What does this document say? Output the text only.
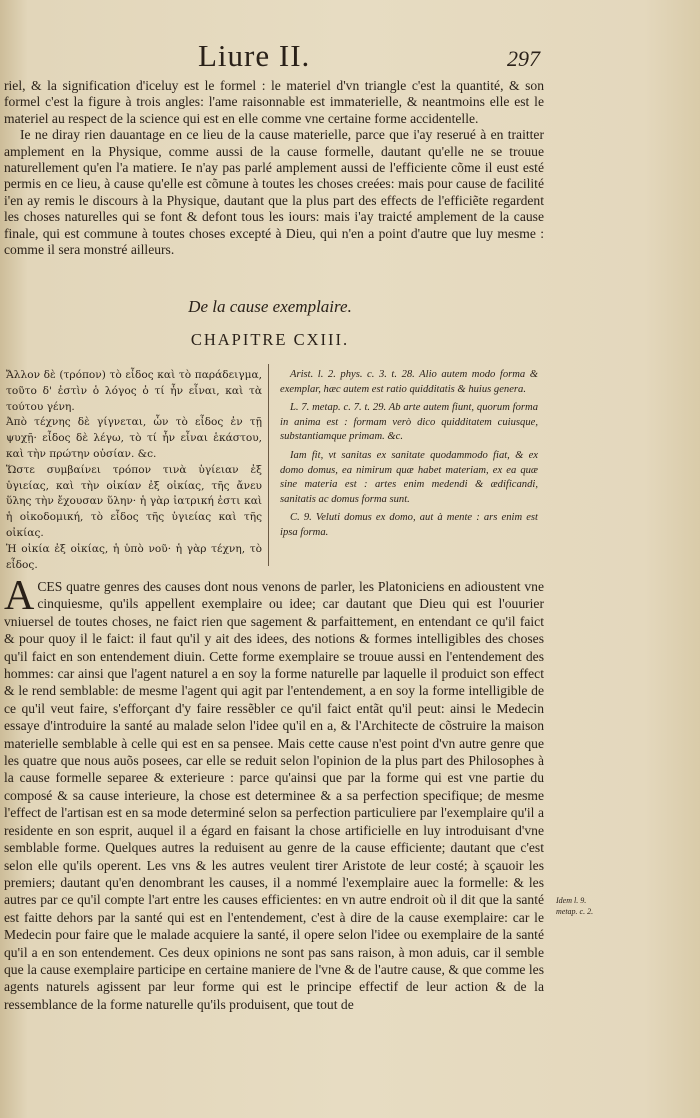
Liure II.	297

riel, & la signification d'iceluy est le formel : le materiel d'vn triangle c'est la quantité, & son formel c'est la figure à trois angles: l'ame raisonnable est immaterielle, & neantmoins elle est le materiel au respect de la science qui est en elle comme vne certaine forme accidentelle.

Ie ne diray rien dauantage en ce lieu de la cause materielle, parce que i'ay reserué à en traitter amplement en la Physique, comme aussi de la cause formelle, dautant qu'elle ne se trouue naturellement qu'en l'a matiere. Ie n'ay pas parlé amplement aussi de l'efficiente cõme il eust esté permis en ce lieu, à cause qu'elle est cõmune à toutes les choses creées: mais pour cause de facilité i'en ay remis le discours à la Physique, dautant que la plus part des effects de l'efficiẽte regardent les choses naturelles qui se font & defont tous les iours: mais i'ay traicté amplement de la cause finale, qui est commune à toutes choses excepté à Dieu, qui n'en a point d'autre que luy mesme : comme il sera monstré ailleurs.

De la cause exemplaire.
CHAPITRE CXIII.

Ἄλλον δὲ (τρόπον) τὸ εἶδος καὶ τὸ παράδειγμα, τοῦτο δ' ἐστὶν ὁ λόγος ὁ τί ἦν εἶναι, καὶ τὰ τούτου γένη.

Ἀπὸ τέχνης δὲ γίγνεται, ὧν τὸ εἶδος ἐν τῇ ψυχῇ· εἶδος δὲ λέγω, τὸ τί ἦν εἶναι ἑκάστου, καὶ τὴν πρώτην οὐσίαν. &c.

Ὥστε συμβαίνει τρόπον τινὰ ὑγίειαν ἐξ ὑγιείας, καὶ τὴν οἰκίαν ἐξ οἰκίας, τῆς ἄνευ ὕλης τὴν ἔχουσαν ὕλην· ἡ γὰρ ἰατρική ἐστι καὶ ἡ οἰκοδομική, τὸ εἶδος τῆς ὑγιείας καὶ τῆς οἰκίας.

Ἡ οἰκία ἐξ οἰκίας, ἡ ὑπὸ νοῦ· ἡ γὰρ τέχνη, τὸ εἶδος.

Arist. l. 2. phys. c. 3. t. 28. Alio autem modo forma & exemplar, hæc autem est ratio quidditatis & huius genera.

L. 7. metap. c. 7. t. 29. Ab arte autem fiunt, quorum forma in anima est : formam verò dico quidditatem cuiusque, substantiamque primam. &c.

Iam fit, vt sanitas ex sanitate quodammodo fiat, & ex domo domus, ea nimirum quæ habet materiam, ex ea quæ sine materia est : artes enim medendi & ædificandi, sanitatis ac domus forma sunt.

C. 9. Veluti domus ex domo, aut à mente : ars enim est ipsa forma.

A CES quatre genres des causes dont nous venons de parler, les Platoniciens en adioustent vne cinquiesme, qu'ils appellent exemplaire ou idee; car dautant que Dieu qui est l'ouurier vniuersel de toutes choses, ne faict rien que sagement & parfaittement, en entendant ce qu'il faict & pour quoy il le faict: il faut qu'il y ait des idees, des notions & formes intelligibles des choses qu'il faict en son entendement diuin. Cette forme exemplaire se trouue aussi en l'entendement des hommes: car ainsi que l'agent naturel a en soy la forme naturelle par laquelle il produict son effect & le rend semblable: de mesme l'agent qui agit par l'entendement, a en soy la forme intelligible de ce qu'il veut faire, s'efforçant d'y faire ressẽbler ce qu'il faict entãt qu'il peut: ainsi le Medecin essaye d'introduire la santé au malade selon l'idee qu'il en a, & l'Architecte de cõstruire la maison materielle semblable à celle qui est en sa pensee. Mais cette cause n'est point d'vn autre genre que les quatre que nous auõs posees, car elle se reduit selon l'opinion de la plus part des Philosophes à la cause formelle separee & exterieure : parce qu'ainsi que par la forme qui est vne partie du composé & sa cause interieure, la chose est determinee & a sa perfection specifique; de mesme l'effect de l'artisan est en sa mode determiné selon sa perfection particuliere par l'exemplaire qu'il a residente en son esprit, auquel il a égard en faisant la chose artificielle en luy introduisant d'vne semblable forme. Quelques autres la reduisent au genre de la cause efficiente; dautant que c'est selon elle qu'ils operent. Les vns & les autres veulent tirer Aristote de leur costé; à sçauoir les premiers; dautant qu'en denombrant les causes, il a nommé l'exemplaire auec la formelle: & les autres par ce qu'il compte l'art entre les causes efficientes: en vn autre endroit où il dit que la santé est faitte dehors par la santé qui est en l'entendement, c'est à dire de la cause exemplaire: car le Medecin pour faire que le malade acquiere la santé, il opere selon l'idee ou exemplaire de la santé qu'il a en son entendement. Ces deux opinions ne sont pas sans raison, à mon aduis, car il semble que la cause exemplaire participe en certaine maniere de l'vne & de l'autre cause, & que comme les agents naturels agissent par leur forme qui est le principe effectif de leur action & de la ressemblance de la forme naturelle qu'ils produisent, que tout de
Idem l. 9.
metap. c. 2.
